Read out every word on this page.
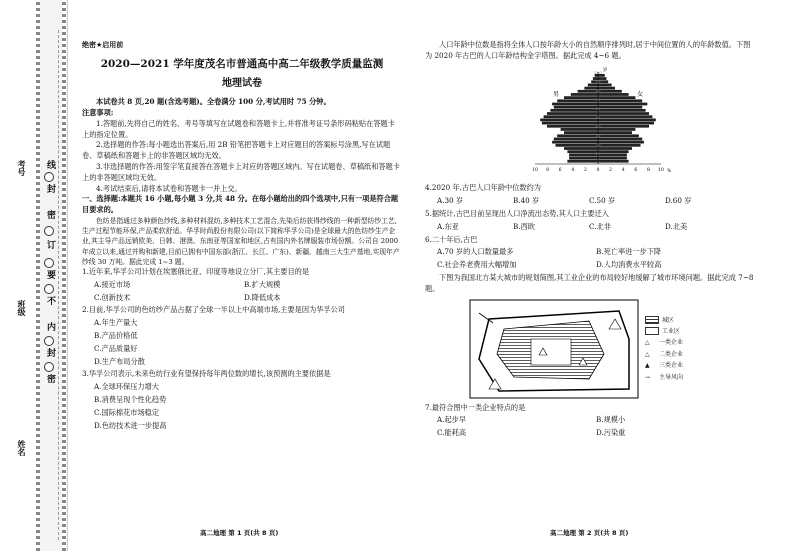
考号
班级
姓名
线
封
密
订
要
不
内
封
密
绝密★启用前
2020—2021 学年度茂名市普通高中高二年级教学质量监测
地理试卷

本试卷共 8 页,20 题(含选考题)。全卷满分 100 分,考试用时 75 分钟。

注意事项:

1.答题前,先将自己的姓名、考号等填写在试题卷和答题卡上,并将准考证号条形码粘贴在答题卡上的指定位置。

2.选择题的作答:每小题选出答案后,用 2B 铅笔把答题卡上对应题目的答案标号涂黑,写在试题卷、草稿纸和答题卡上的非答题区域均无效。

3.非选择题的作答:用签字笔直接答在答题卡上对应的答题区域内。写在试题卷、草稿纸和答题卡上的非答题区域均无效。

4.考试结束后,请将本试卷和答题卡一并上交。

一、选择题:本题共 16 小题,每小题 3 分,共 48 分。在每小题给出的四个选项中,只有一项是符合题目要求的。

色纺是指通过多种颜色纱线,多种材料混纺,多种技术工艺混合,先染后纺获得纱线的一种新型纺纱工艺,生产过程节能环保,产品柔软舒适。华孚时尚股份有限公司(以下简称华孚公司)是全球最大的色纺纱生产企业,其主导产品远销欧美、日韩、港澳、东南亚等国家和地区,占有国内外名牌服装市场份额。公司自 2000 年成立以来,通过并购和新建,目前已拥有中国东部(浙江、长江、广东)、新疆、越南三大生产基地,实现年产纱线 30 万吨。据此完成 1~3 题。

1.近年来,华孚公司计划在埃塞俄比亚、印度等地设立分厂,其主要目的是

A.接近市场	B.扩大规模
C.创新技术	D.降低成本

2.目前,华孚公司的色纺纱产品占据了全球一半以上中高端市场,主要是因为华孚公司

A.年生产量大
B.产品价格低
C.产品质量好
D.生产布局分散

3.华孚公司表示,未来色纺行业有望保持每年两位数的增长,该预测的主要依据是

A.全球环保压力增大
B.消费呈现个性化趋势
C.国际棉花市场稳定
D.色纺技术进一步提高
高二地理 第 1 页(共 8 页)

人口年龄中位数是指将全体人口按年龄大小的自然顺序排列时,居于中间位置的人的年龄数值。下图为 2020 年古巴的人口年龄结构金字塔图。据此完成 4~6 题。

男	女
10 8 6 4 2 0 2 4 6 8 10
100
90
80
70
60
50
40
30
20
10
0
%
岁

4.2020 年,古巴人口年龄中位数约为

A.30 岁	B.40 岁	C.50 岁	D.60 岁

5.据统计,古巴目前呈现出人口净流出态势,其人口主要迁入

A.东亚	B.西欧	C.北非	D.北美

6.二十年后,古巴

A.70 岁的人口数量最多	B.死亡率进一步下降
C.社会养老费用大幅增加	D.人均消费水平较高

下图为我国北方某大城市的规划简图,其工业企业的布局较好地缓解了城市环境问题。据此完成 7~8 题。

城区
工业区
△ 一类企业
△ 二类企业
▲ 三类企业
→ 主导风向

7.最符合图中一类企业特点的是

A.起步早	B.规模小
C.能耗高	D.污染重
高二地理 第 2 页(共 8 页)
